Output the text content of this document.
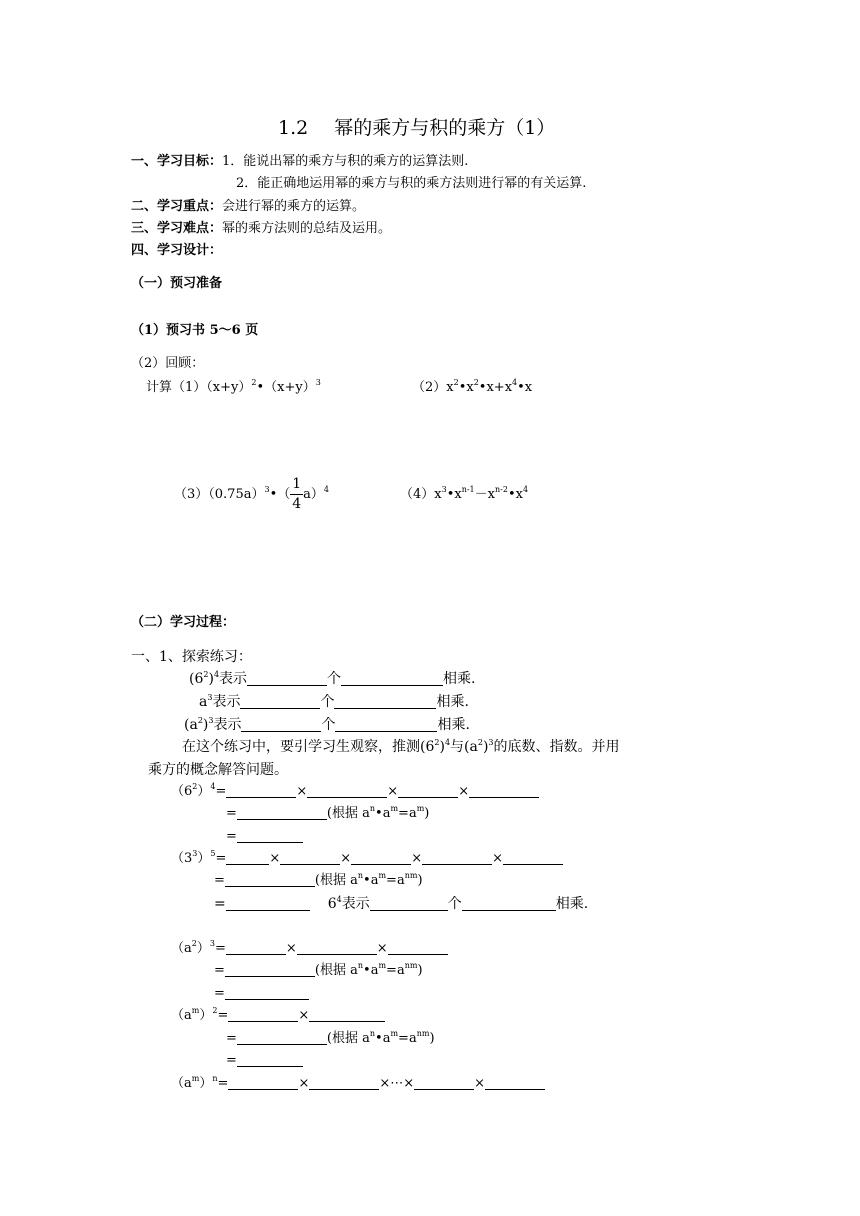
1.2 幂的乘方与积的乘方（1）
一、学习目标：1．能说出幂的乘方与积的乘方的运算法则.
2．能正确地运用幂的乘方与积的乘方法则进行幂的有关运算.
二、学习重点：会进行幂的乘方的运算。
三、学习难点：幂的乘方法则的总结及运用。
四、学习设计：
（一）预习准备
（1）预习书 5～6 页
（2）回顾：
计算$(1)(x+y)^2•(x+y)^3$	$(2)x^2•x^2•x+x^4•x$
$(3)(0.75a)^3•( \frac{1}{4} a)^4$	$(4)x^3•x^{n-1}-x^{n-2}•x^4$
（二）学习过程：
一、1、探索练习：
$(6^2)^4$表示	个	相乘.
$a^3$表示	个	相乘.
$(a^2)^3$表示	个	相乘.
在这个练习中，要引学习生观察，推测$(6^2)^4$与$(a^2)^3$的底数、指数。并用
乘方的概念解答问题。
$(6^2)^4=$	×	×	×
=	(根据 $a^n•a^m=a^m$)
=
$(3^3)^5=$	×	×	×	×
=	(根据 $a^n•a^m=a^{nm}$)
=	$6^4$表示	个	相乘.
$(a^2)^3=$	×	×
=	(根据 $a^n•a^m=a^{nm}$)
=
$(a^m)^2=$	×
=	(根据 $a^n•a^m=a^{nm}$)
=
$(a^m)^n=$	×	×⋯×	×
